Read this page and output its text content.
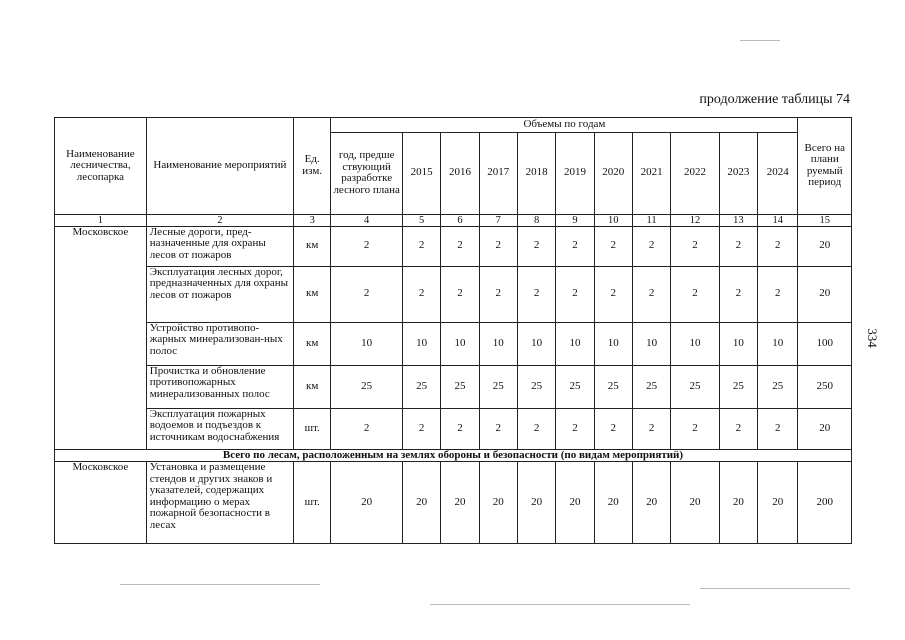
продолжение таблицы 74
334
Наименование лесничества, лесопарка	Наименование мероприятий	Ед. изм.	Объемы по годам											Всего на плани руемый период
			год, предше ствующий разработке лесного плана	2015	2016	2017	2018	2019	2020	2021	2022	2023	2024	
1	2	3	4	5	6	7	8	9	10	11	12	13	14	15
Московское	Лесные дороги, пред-назначенные для охраны лесов от пожаров	км	2	2	2	2	2	2	2	2	2	2	2	20
	Эксплуатация лесных дорог, предназначенных для охраны лесов от пожаров	км	2	2	2	2	2	2	2	2	2	2	2	20
	Устройство противопо-жарных минерализован-ных полос	км	10	10	10	10	10	10	10	10	10	10	10	100
	Прочистка и обновление противопожарных минерализованных полос	км	25	25	25	25	25	25	25	25	25	25	25	250
	Эксплуатация пожарных водоемов и подъездов к источникам водоснабжения	шт.	2	2	2	2	2	2	2	2	2	2	2	20
Всего по лесам, расположенным на землях обороны и безопасности (по видам мероприятий)														
Московское	Установка и размещение стендов и других знаков и указателей, содержащих информацию о мерах пожарной безопасности в лесах	шт.	20	20	20	20	20	20	20	20	20	20	20	200
